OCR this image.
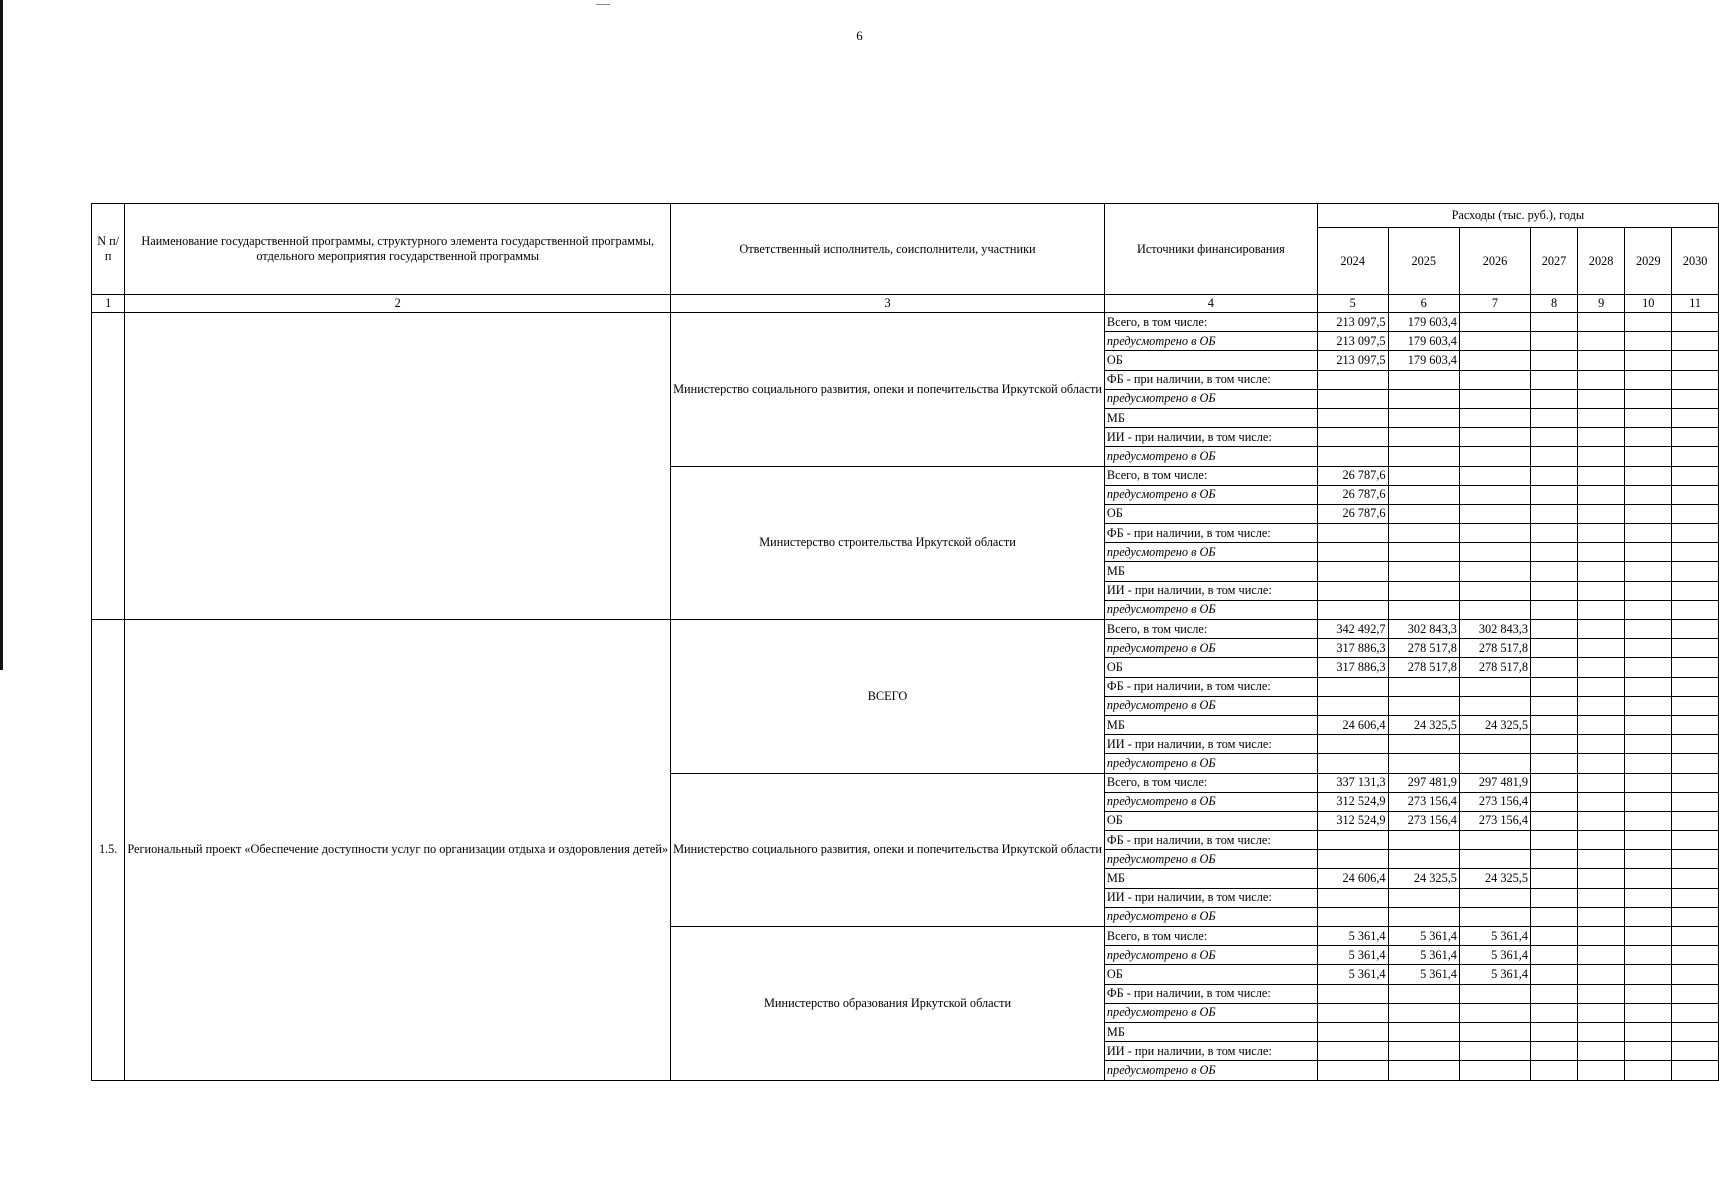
6
N п/п	Наименование государственной программы, структурного элемента государственной программы, отдельного мероприятия государственной программы	Ответственный исполнитель, соисполнители, участники	Источники финансирования	Расходы (тыс. руб.), годы						
				2024	2025	2026	2027	2028	2029	2030
1	2	3	4	5	6	7	8	9	10	11
		Министерство социального развития, опеки и попечительства Иркутской области	Всего, в том числе:	213 097,5	179 603,4					
			предусмотрено в ОБ	213 097,5	179 603,4					
			ОБ	213 097,5	179 603,4					
			ФБ - при наличии, в том числе:							
			предусмотрено в ОБ							
			МБ							
			ИИ - при наличии, в том числе:							
			предусмотрено в ОБ							
		Министерство строительства Иркутской области	Всего, в том числе:	26 787,6						
			предусмотрено в ОБ	26 787,6						
			ОБ	26 787,6						
			ФБ - при наличии, в том числе:							
			предусмотрено в ОБ							
			МБ							
			ИИ - при наличии, в том числе:							
			предусмотрено в ОБ							
1.5.	Региональный проект «Обеспечение доступности услуг по организации отдыха и оздоровления детей»	ВСЕГО	Всего, в том числе:	342 492,7	302 843,3	302 843,3				
			предусмотрено в ОБ	317 886,3	278 517,8	278 517,8				
			ОБ	317 886,3	278 517,8	278 517,8				
			ФБ - при наличии, в том числе:							
			предусмотрено в ОБ							
			МБ	24 606,4	24 325,5	24 325,5				
			ИИ - при наличии, в том числе:							
			предусмотрено в ОБ							
		Министерство социального развития, опеки и попечительства Иркутской области	Всего, в том числе:	337 131,3	297 481,9	297 481,9				
			предусмотрено в ОБ	312 524,9	273 156,4	273 156,4				
			ОБ	312 524,9	273 156,4	273 156,4				
			ФБ - при наличии, в том числе:							
			предусмотрено в ОБ							
			МБ	24 606,4	24 325,5	24 325,5				
			ИИ - при наличии, в том числе:							
			предусмотрено в ОБ							
		Министерство образования Иркутской области	Всего, в том числе:	5 361,4	5 361,4	5 361,4				
			предусмотрено в ОБ	5 361,4	5 361,4	5 361,4				
			ОБ	5 361,4	5 361,4	5 361,4				
			ФБ - при наличии, в том числе:							
			предусмотрено в ОБ							
			МБ							
			ИИ - при наличии, в том числе:							
			предусмотрено в ОБ							
